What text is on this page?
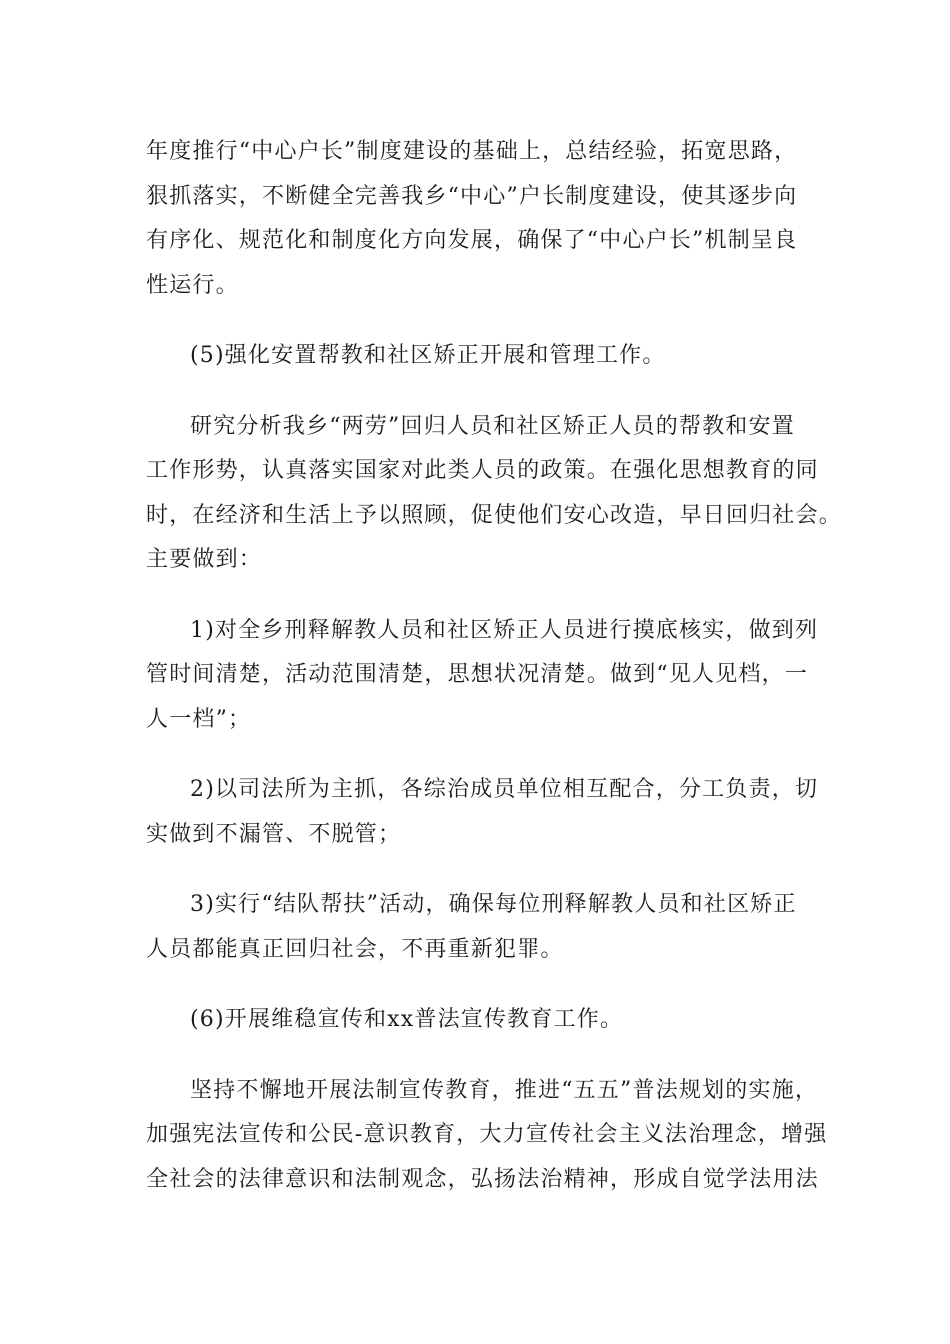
年度推行“中心户长”制度建设的基础上，总结经验，拓宽思路，
狠抓落实，不断健全完善我乡“中心”户长制度建设，使其逐步向
有序化、规范化和制度化方向发展，确保了“中心户长”机制呈良
性运行。

(5)强化安置帮教和社区矫正开展和管理工作。

研究分析我乡“两劳”回归人员和社区矫正人员的帮教和安置
工作形势，认真落实国家对此类人员的政策。在强化思想教育的同
时，在经济和生活上予以照顾，促使他们安心改造，早日回归社会。
主要做到：

1)对全乡刑释解教人员和社区矫正人员进行摸底核实，做到列
管时间清楚，活动范围清楚，思想状况清楚。做到“见人见档，一
人一档”；

2)以司法所为主抓，各综治成员单位相互配合，分工负责，切
实做到不漏管、不脱管；

3)实行“结队帮扶”活动，确保每位刑释解教人员和社区矫正
人员都能真正回归社会，不再重新犯罪。

(6)开展维稳宣传和xx普法宣传教育工作。

坚持不懈地开展法制宣传教育，推进“五五”普法规划的实施，
加强宪法宣传和公民-意识教育，大力宣传社会主义法治理念，增强
全社会的法律意识和法制观念，弘扬法治精神，形成自觉学法用法
